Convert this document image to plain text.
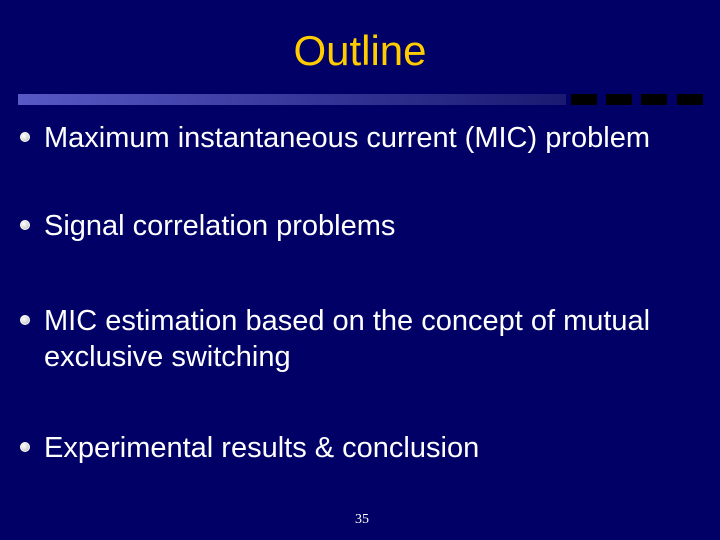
Outline
Maximum instantaneous current (MIC) problem
Signal correlation problems
MIC estimation based on the concept of mutual exclusive switching
Experimental results & conclusion
35
